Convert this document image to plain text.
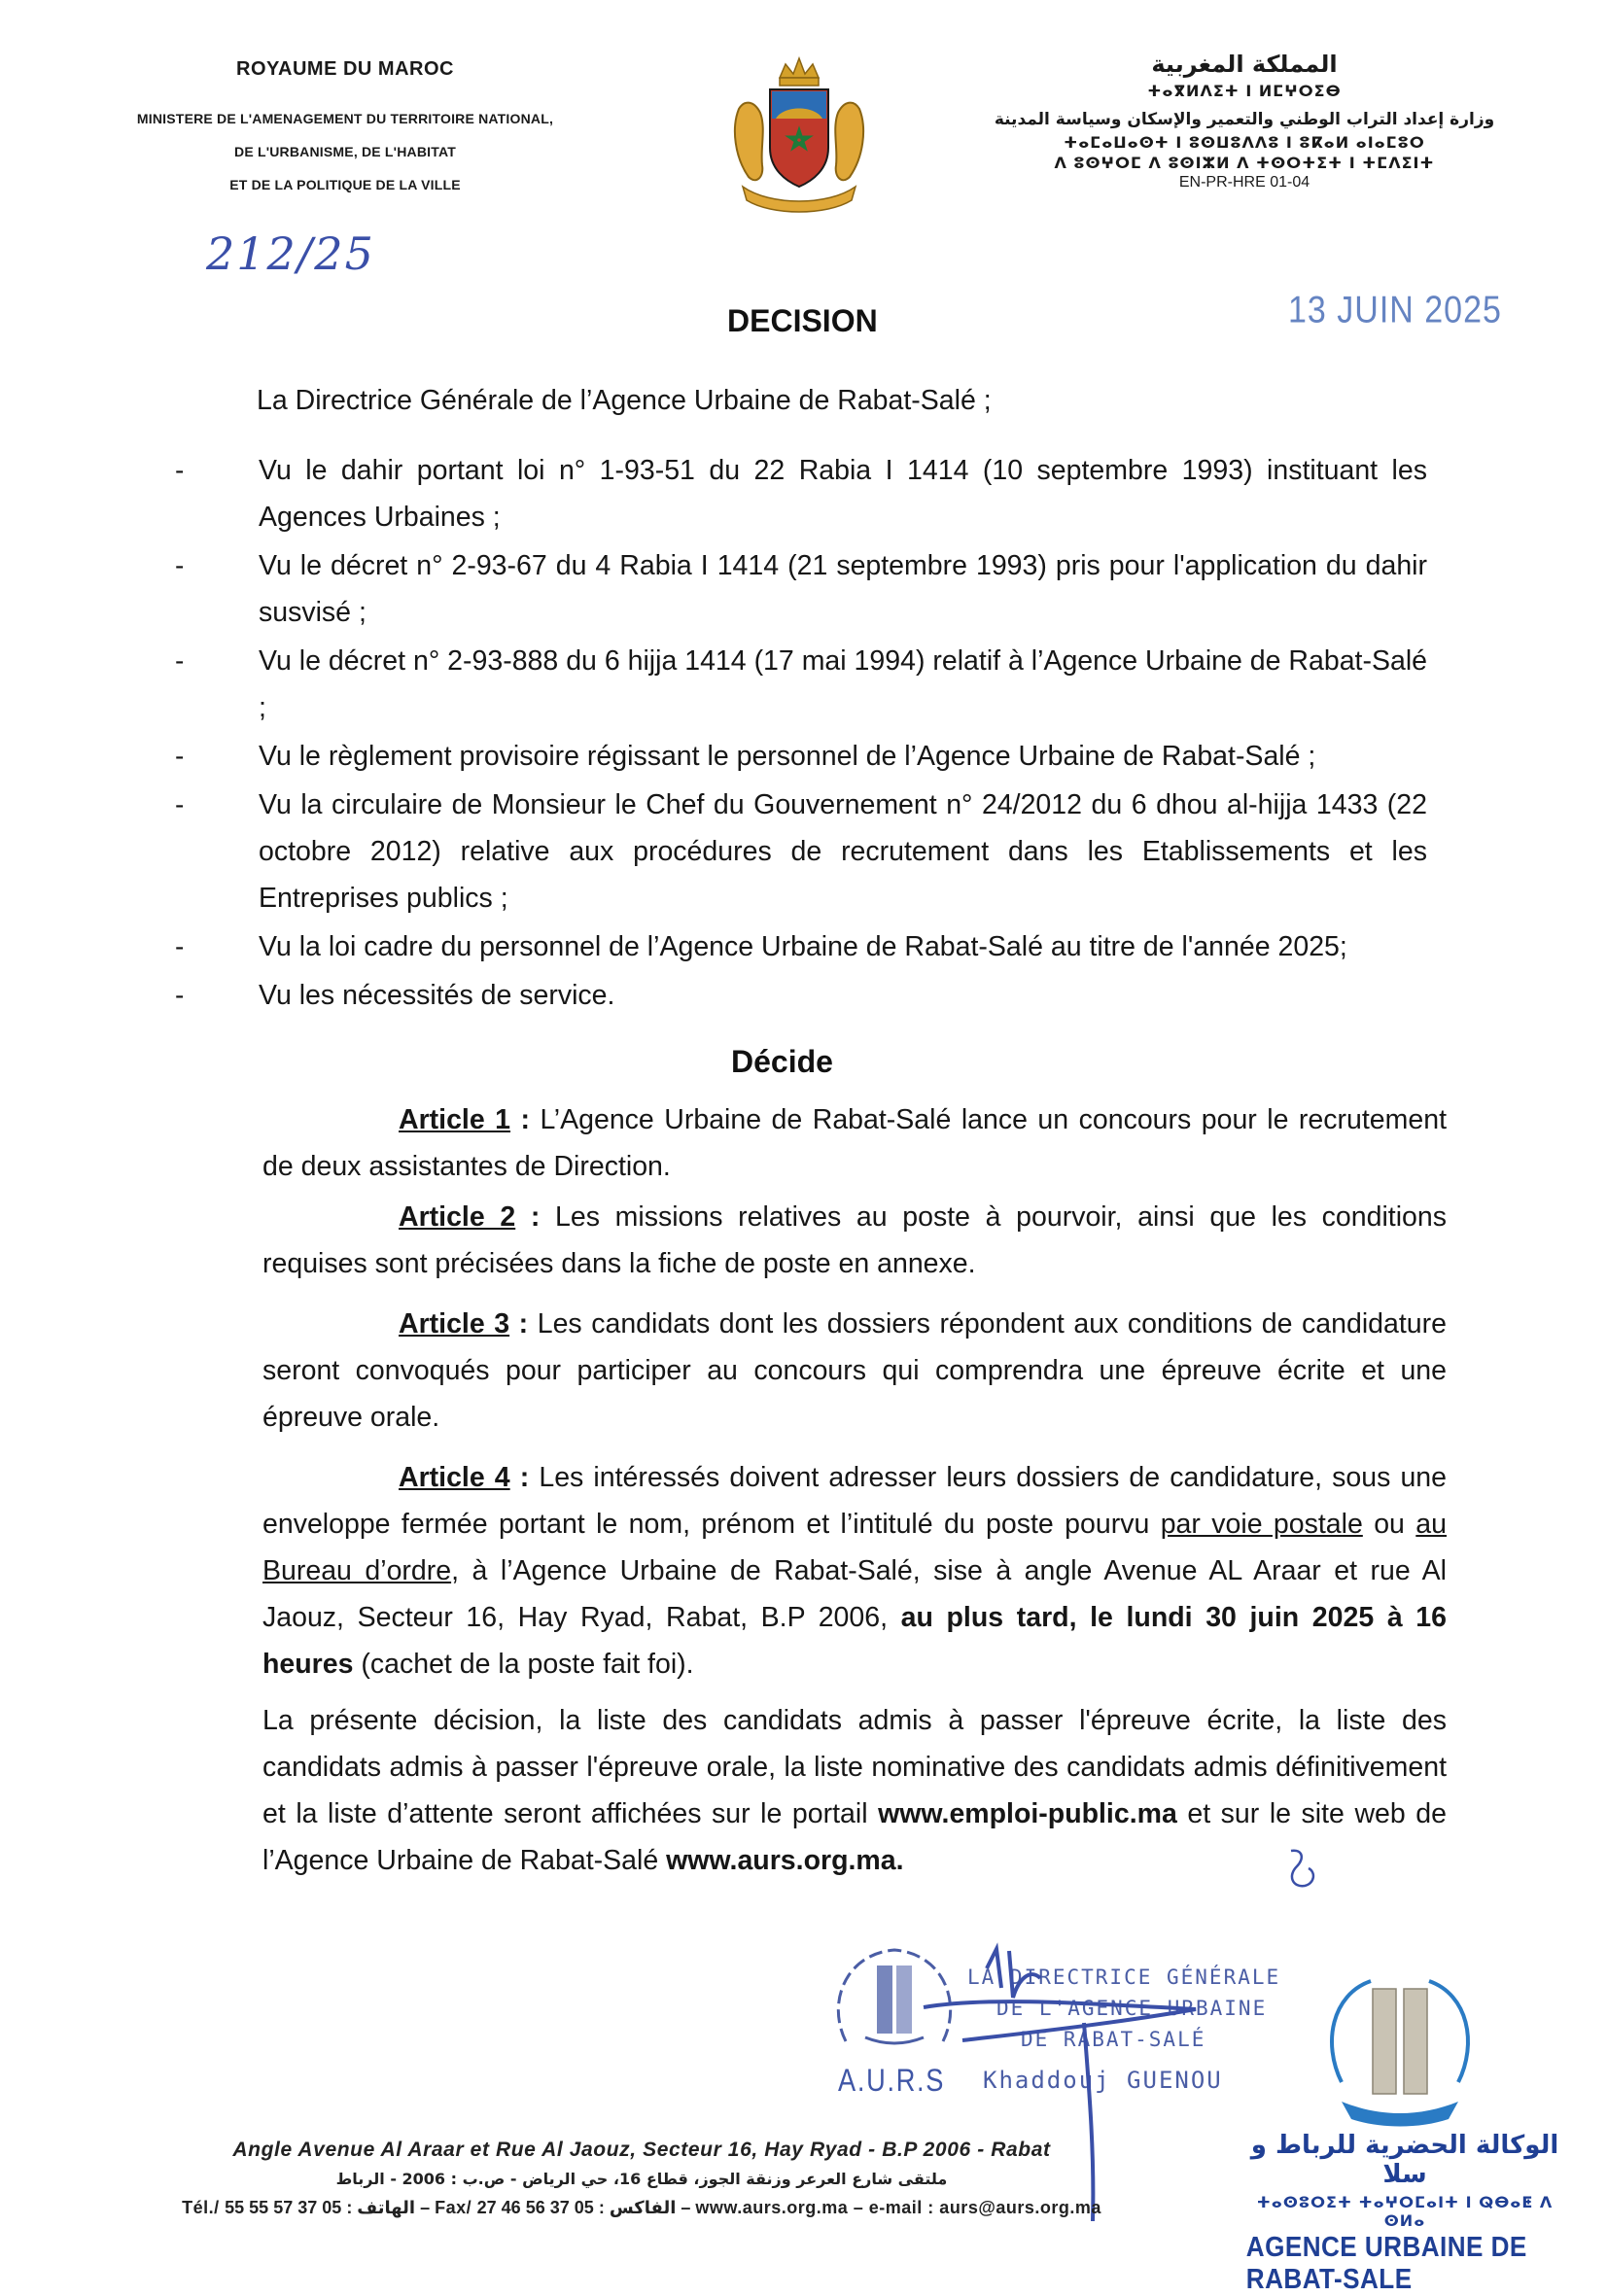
ROYAUME DU MAROC
MINISTERE DE L'AMENAGEMENT DU TERRITOIRE NATIONAL,
DE L'URBANISME, DE L'HABITAT
ET DE LA POLITIQUE DE LA VILLE
المملكة المغربية
ⵜⴰⴳⵍⴷⵉⵜ ⵏ ⵍⵎⵖⵔⵉⴱ
وزارة إعداد التراب الوطني والتعمير والإسكان وسياسة المدينة
ⵜⴰⵎⴰⵡⴰⵙⵜ ⵏ ⵓⵙⵡⵓⴷⴷⵓ ⵏ ⵓⴽⴰⵍ ⴰⵏⴰⵎⵓⵔ
ⴷ ⵓⵙⵖⵔⵎ ⴷ ⵓⵙⵏⵣⵍ ⴷ ⵜⵙⵔⵜⵉⵜ ⵏ ⵜⵎⴷⵉⵏⵜ
EN-PR-HRE 01-04
212/25
13 JUIN 2025
DECISION
La Directrice Générale de l’Agence Urbaine de Rabat-Salé ;
- Vu le dahir portant loi n° 1-93-51 du 22 Rabia I 1414 (10 septembre 1993) instituant les Agences Urbaines ;
- Vu le décret n° 2-93-67 du 4 Rabia I 1414 (21 septembre 1993) pris pour l'application du dahir susvisé ;
- Vu le décret n° 2-93-888 du 6 hijja 1414 (17 mai 1994) relatif à l’Agence Urbaine de Rabat-Salé ;
- Vu le règlement provisoire régissant le personnel de l’Agence Urbaine de Rabat-Salé ;
- Vu la circulaire de Monsieur le Chef du Gouvernement n° 24/2012 du 6 dhou al-hijja 1433 (22 octobre 2012) relative aux procédures de recrutement dans les Etablissements et les Entreprises publics ;
- Vu la loi cadre du personnel de l’Agence Urbaine de Rabat-Salé au titre de l'année 2025;
- Vu les nécessités de service.
Décide
Article 1 : L’Agence Urbaine de Rabat-Salé lance un concours pour le recrutement de deux assistantes de Direction.
Article 2 : Les missions relatives au poste à pourvoir, ainsi que les conditions requises sont précisées dans la fiche de poste en annexe.
Article 3 : Les candidats dont les dossiers répondent aux conditions de candidature seront convoqués pour participer au concours qui comprendra une épreuve écrite et une épreuve orale.
Article 4 : Les intéressés doivent adresser leurs dossiers de candidature, sous une enveloppe fermée portant le nom, prénom et l’intitulé du poste pourvu par voie postale ou au Bureau d’ordre, à l’Agence Urbaine de Rabat-Salé, sise à angle Avenue AL Araar et rue Al Jaouz, Secteur 16, Hay Ryad, Rabat, B.P 2006, au plus tard, le lundi 30 juin 2025 à 16 heures (cachet de la poste fait foi).
La présente décision, la liste des candidats admis à passer l'épreuve écrite, la liste des candidats admis à passer l'épreuve orale, la liste nominative des candidats admis définitivement et la liste d’attente seront affichées sur le portail www.emploi-public.ma et sur le site web de l’Agence Urbaine de Rabat-Salé www.aurs.org.ma.
A.U.R.S
LA DIRECTRICE GÉNÉRALE
DE L'AGENCE URBAINE
DE RABAT-SALÉ
Khaddouj GUENOU
الوكالة الحضرية للرباط و سلا
ⵜⴰⵙⵓⵔⵉⵜ ⵜⴰⵖⵔⵎⴰⵏⵜ ⵏ ⵕⴱⴰⵟ ⴷ ⵙⵍⴰ
AGENCE URBAINE DE RABAT-SALE
Angle Avenue Al Araar et Rue Al Jaouz, Secteur 16, Hay Ryad - B.P 2006 - Rabat
ملتقى شارع العرعر وزنقة الجوز، قطاع 16، حي الرياض - ص.ب : 2006 - الرباط
Tél./ الهاتف : 05 37 57 55 55 – Fax/ الفاكس : 05 37 56 46 27 – www.aurs.org.ma – e-mail : aurs@aurs.org.ma
